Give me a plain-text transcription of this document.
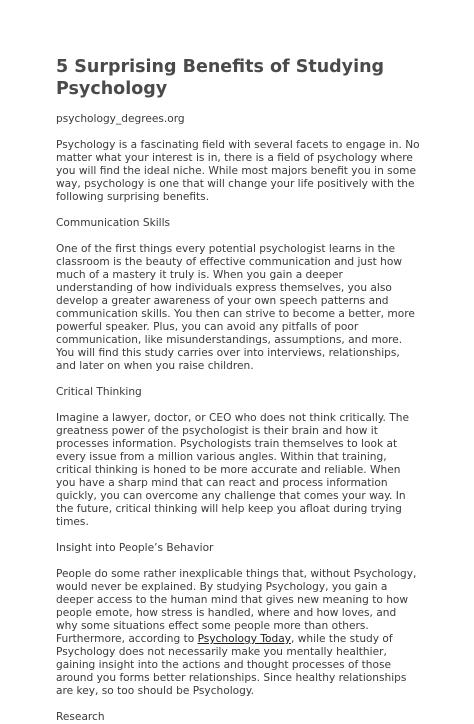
5 Surprising Benefits of Studying Psychology

psychology_degrees.org

Psychology is a fascinating field with several facets to engage in. No matter what your interest is in, there is a field of psychology where you will find the ideal niche. While most majors benefit you in some way, psychology is one that will change your life positively with the following surprising benefits.

Communication Skills

One of the first things every potential psychologist learns in the classroom is the beauty of effective communication and just how much of a mastery it truly is. When you gain a deeper understanding of how individuals express themselves, you also develop a greater awareness of your own speech patterns and communication skills. You then can strive to become a better, more powerful speaker. Plus, you can avoid any pitfalls of poor communication, like misunderstandings, assumptions, and more. You will find this study carries over into interviews, relationships, and later on when you raise children.

Critical Thinking

Imagine a lawyer, doctor, or CEO who does not think critically. The greatness power of the psychologist is their brain and how it processes information. Psychologists train themselves to look at every issue from a million various angles. Within that training, critical thinking is honed to be more accurate and reliable. When you have a sharp mind that can react and process information quickly, you can overcome any challenge that comes your way. In the future, critical thinking will help keep you afloat during trying times.

Insight into People’s Behavior

People do some rather inexplicable things that, without Psychology, would never be explained. By studying Psychology, you gain a deeper access to the human mind that gives new meaning to how people emote, how stress is handled, where and how loves, and why some situations effect some people more than others. Furthermore, according to Psychology Today, while the study of Psychology does not necessarily make you mentally healthier, gaining insight into the actions and thought processes of those around you forms better relationships. Since healthy relationships are key, so too should be Psychology.

Research
